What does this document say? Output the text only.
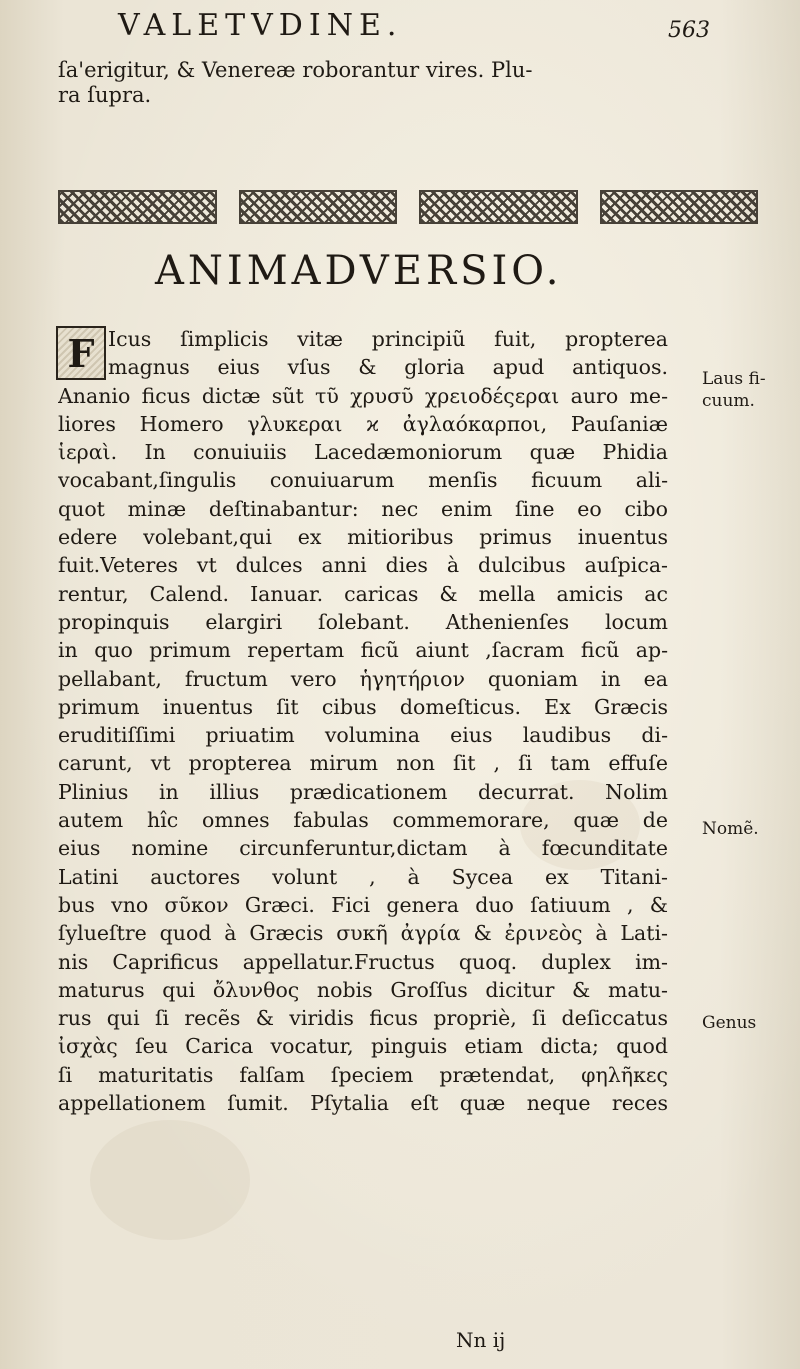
VALETVDINE.	563
ſa'erigitur, & Venereæ roborantur vires. Plu-
ra ſupra.
ANIMADVERSIO.
F Icus ſimplicis vitæ principiũ fuit, propterea
magnus eius vſus & gloria apud antiquos.
Ananio ficus dictæ sũt τῦ χρυσῦ χρειοδέςεραι auro me-
liores Homero γλυκεραι ϰ ἀγλαόκαρποι, Pauſaniæ
ἱεραὶ. In conuiuiis Lacedæmoniorum quæ Phidia
vocabant,ſingulis conuiuarum menſis ficuum ali-
quot minæ deſtinabantur: nec enim ſine eo cibo
edere volebant,qui ex mitioribus primus inuentus
fuit.Veteres vt dulces anni dies à dulcibus auſpica-
rentur, Calend. Ianuar. caricas & mella amicis ac
propinquis elargiri ſolebant. Athenienſes locum
in quo primum repertam ficũ aiunt ,ſacram ficũ ap-
pellabant, fructum vero ἡγητήριον quoniam in ea
primum inuentus ſit cibus domeſticus. Ex Græcis
eruditiſſimi priuatim volumina eius laudibus di-
carunt, vt propterea mirum non ſit , ſi tam effuſe
Plinius in illius prædicationem decurrat. Nolim
autem hîc omnes fabulas commemorare, quæ de
eius nomine circunferuntur,dictam à fœcunditate
Latini auctores volunt , à Sycea ex Titani-
bus vno σῦκον Græci. Fici genera duo ſatiuum , &
ſylueſtre quod à Græcis συκῆ ἀγρία & ἐρινεὸς à Lati-
nis Caprificus appellatur.Fructus quoq. duplex im-
maturus qui ὄλυνθος nobis Groſſus dicitur & matu-
rus qui ſi recẽs & viridis ficus propriè, ſi deſiccatus
ἰσχὰς ſeu Carica vocatur, pinguis etiam dicta; quod
ſi maturitatis falſam ſpeciem prætendat, φηλῆκες
appellationem ſumit. Pſytalia eſt quæ neque reces
Laus fi-
cuum.
Nomẽ.
Genus
Nn ij
